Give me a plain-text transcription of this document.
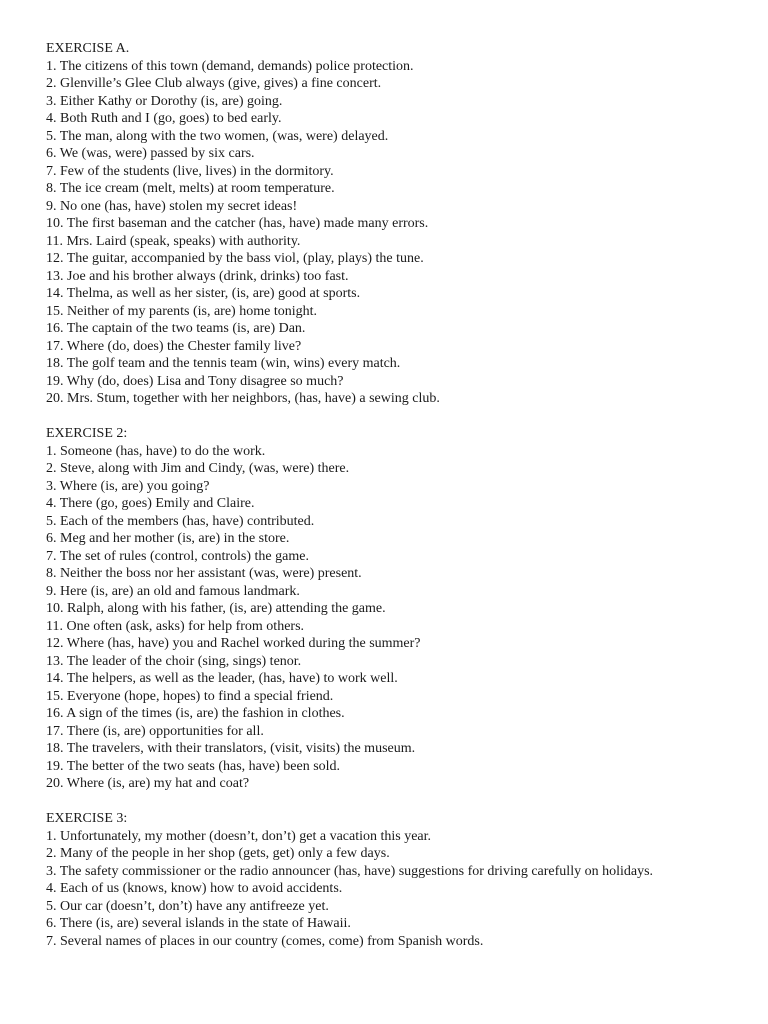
EXERCISE A.
1. The citizens of this town (demand, demands) police protection.
2. Glenville’s Glee Club always (give, gives) a fine concert.
3. Either Kathy or Dorothy (is, are) going.
4. Both Ruth and I (go, goes) to bed early.
5. The man, along with the two women, (was, were) delayed.
6. We (was, were) passed by six cars.
7. Few of the students (live, lives) in the dormitory.
8. The ice cream (melt, melts) at room temperature.
9. No one (has, have) stolen my secret ideas!
10. The first baseman and the catcher (has, have) made many errors.
11. Mrs. Laird (speak, speaks) with authority.
12. The guitar, accompanied by the bass viol, (play, plays) the tune.
13. Joe and his brother always (drink, drinks) too fast.
14. Thelma, as well as her sister, (is, are) good at sports.
15. Neither of my parents (is, are) home tonight.
16. The captain of the two teams (is, are) Dan.
17. Where (do, does) the Chester family live?
18. The golf team and the tennis team (win, wins) every match.
19. Why (do, does) Lisa and Tony disagree so much?
20. Mrs. Stum, together with her neighbors, (has, have) a sewing club.
EXERCISE 2:
1. Someone (has, have) to do the work.
2. Steve, along with Jim and Cindy, (was, were) there.
3. Where (is, are) you going?
4. There (go, goes) Emily and Claire.
5. Each of the members (has, have) contributed.
6. Meg and her mother (is, are) in the store.
7. The set of rules (control, controls) the game.
8. Neither the boss nor her assistant (was, were) present.
9. Here (is, are) an old and famous landmark.
10. Ralph, along with his father, (is, are) attending the game.
11. One often (ask, asks) for help from others.
12. Where (has, have) you and Rachel worked during the summer?
13. The leader of the choir (sing, sings) tenor.
14. The helpers, as well as the leader, (has, have) to work well.
15. Everyone (hope, hopes) to find a special friend.
16. A sign of the times (is, are) the fashion in clothes.
17. There (is, are) opportunities for all.
18. The travelers, with their translators, (visit, visits) the museum.
19. The better of the two seats (has, have) been sold.
20. Where (is, are) my hat and coat?
EXERCISE 3:
1. Unfortunately, my mother (doesn’t, don’t) get a vacation this year.
2. Many of the people in her shop (gets, get) only a few days.
3. The safety commissioner or the radio announcer (has, have) suggestions for driving carefully on holidays.
4. Each of us (knows, know) how to avoid accidents.
5. Our car (doesn’t, don’t) have any antifreeze yet.
6. There (is, are) several islands in the state of Hawaii.
7. Several names of places in our country (comes, come) from Spanish words.
